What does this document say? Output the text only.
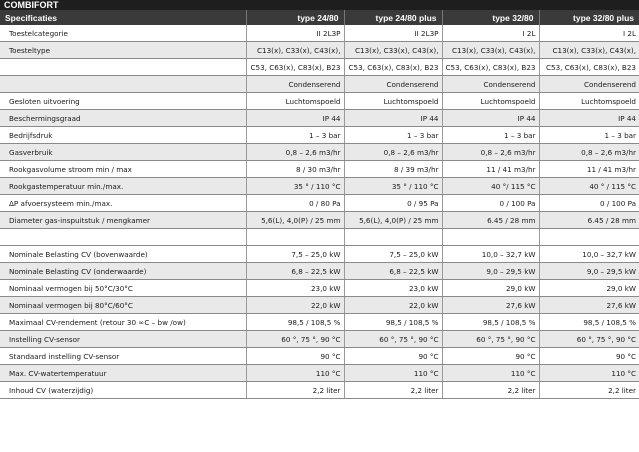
COMBIFORT
Specificaties	type 24/80	type 24/80 plus	type 32/80	type 32/80 plus
Toestelcategorie	II 2L3P	II 2L3P	I 2L	I 2L
Toesteltype	C13(x), C33(x), C43(x),	C13(x), C33(x), C43(x),	C13(x), C33(x), C43(x),	C13(x), C33(x), C43(x),
	C53, C63(x), C83(x), B23	C53, C63(x), C83(x), B23	C53, C63(x), C83(x), B23	C53, C63(x), C83(x), B23
	Condenserend	Condenserend	Condenserend	Condenserend
Gesloten uitvoering	Luchtomspoeld	Luchtomspoeld	Luchtomspoeld	Luchtomspoeld
Beschermingsgraad	IP 44	IP 44	IP 44	IP 44
Bedrijfsdruk	1 – 3 bar	1 – 3 bar	1 – 3 bar	1 – 3 bar
Gasverbruik	0,8 – 2,6 m3/hr	0,8 – 2,6 m3/hr	0,8 – 2,6 m3/hr	0,8 – 2,6 m3/hr
Rookgasvolume stroom min / max	8 / 30 m3/hr	8 / 39 m3/hr	11 / 41 m3/hr	11 / 41 m3/hr
Rookgastemperatuur min./max.	35 ° / 110 °C	35 ° / 110 °C	40 °/ 115 °C	40 ° / 115 °C
ΔP afvoersysteem min./max.	0 / 80 Pa	0 / 95 Pa	0 / 100 Pa	0 / 100 Pa
Diameter gas-inspuitstuk / mengkamer	5,6(L), 4,0(P) / 25 mm	5,6(L), 4,0(P) / 25 mm	6.45 / 28 mm	6.45 / 28 mm

Nominale Belasting CV (bovenwaarde)	7,5 – 25,0 kW	7,5 – 25,0 kW	10,0 – 32,7 kW	10,0 – 32,7 kW
Nominale Belasting CV (onderwaarde)	6,8 – 22,5 kW	6,8 – 22,5 kW	9,0 – 29,5 kW	9,0 – 29,5 kW
Nominaal vermogen bij 50°C/30°C	23,0 kW	23,0 kW	29,0 kW	29,0 kW
Nominaal vermogen bij 80°C/60°C	22,0 kW	22,0 kW	27,6 kW	27,6 kW
Maximaal CV-rendement (retour 30 ∞C – bw /ow)	98,5 / 108,5 %	98,5 / 108,5 %	98,5 / 108,5 %	98,5 / 108,5 %
Instelling CV-sensor	60 °, 75 °, 90 °C	60 °, 75 °, 90 °C	60 °, 75 °, 90 °C	60 °, 75 °, 90 °C
Standaard instelling CV-sensor	90 °C	90 °C	90 °C	90 °C
Max. CV-watertemperatuur	110 °C	110 °C	110 °C	110 °C
Inhoud CV (waterzijdig)	2,2 liter	2,2 liter	2,2 liter	2,2 liter
